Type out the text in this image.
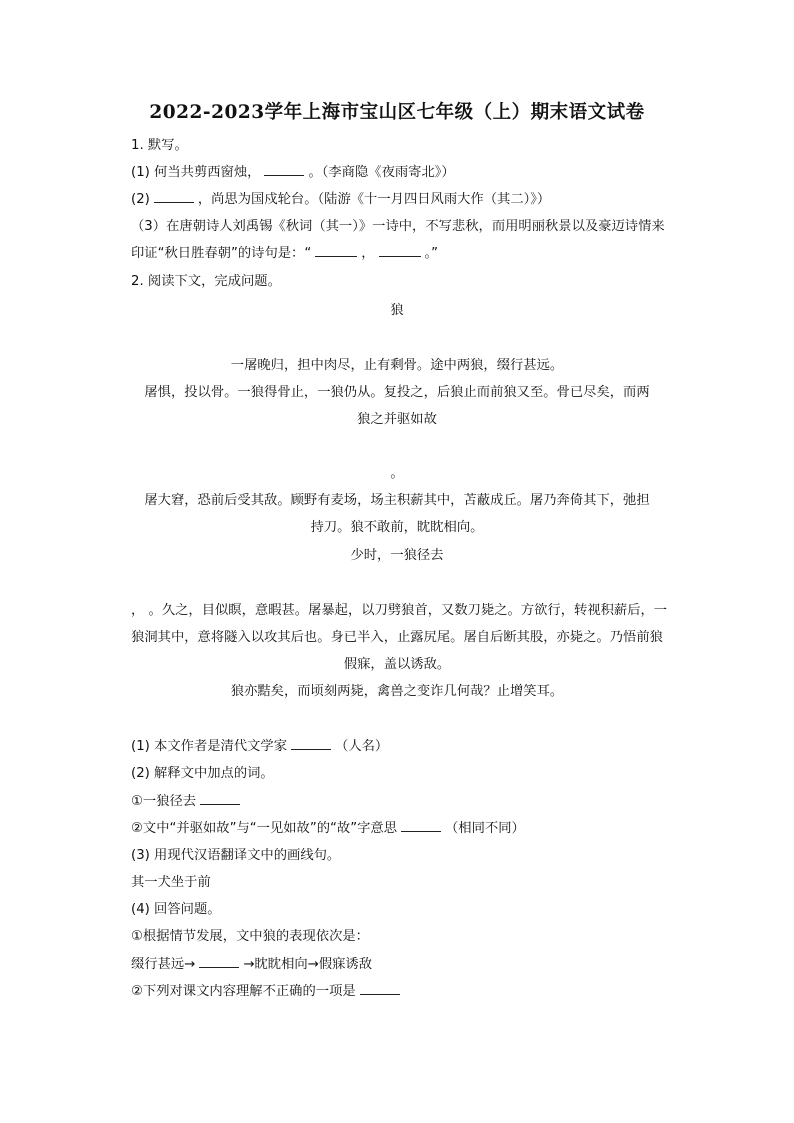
2022-2023学年上海市宝山区七年级（上）期末语文试卷
1. 默写。
(1) 何当共剪西窗烛，	。（李商隐《夜雨寄北》）
(2)	，尚思为国戍轮台。（陆游《十一月四日风雨大作（其二）》）
（3）在唐朝诗人刘禹锡《秋词（其一）》一诗中，不写悲秋，而用明丽秋景以及豪迈诗情来
印证“秋日胜春朝”的诗句是：“	，	。”
2. 阅读下文，完成问题。
狼
一屠晚归，担中肉尽，止有剩骨。途中两狼，缀行甚远。
屠惧，投以骨。一狼得骨止，一狼仍从。复投之，后狼止而前狼又至。骨已尽矣，而两
狼之并驱如故
。
屠大窘，恐前后受其敌。顾野有麦场，场主积薪其中，苫蔽成丘。屠乃奔倚其下，弛担
持刀。狼不敢前，眈眈相向。
少时，一狼径去
， 。久之，目似瞑，意暇甚。屠暴起，以刀劈狼首，又数刀毙之。方欲行，转视积薪后，一
狼洞其中，意将隧入以攻其后也。身已半入，止露尻尾。屠自后断其股，亦毙之。乃悟前狼
假寐，盖以诱敌。
狼亦黠矣，而顷刻两毙，禽兽之变诈几何哉？止增笑耳。
(1) 本文作者是清代文学家	（人名）
(2) 解释文中加点的词。
①一狼径去
②文中“并驱如故”与“一见如故”的“故”字意思	（相同不同）
(3) 用现代汉语翻译文中的画线句。
其一犬坐于前
(4) 回答问题。
①根据情节发展，文中狼的表现依次是：
缀行甚远→	→眈眈相向→假寐诱敌
②下列对课文内容理解不正确的一项是
